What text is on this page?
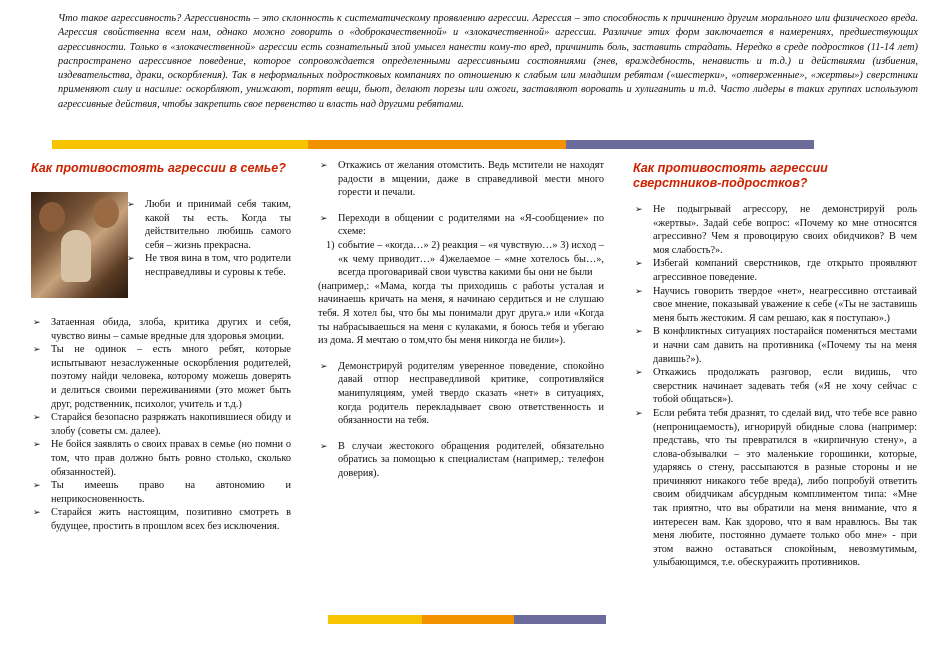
Что такое агрессивность? Агрессивность – это склонность к систематическому проявлению агрессии. Агрессия – это способность к причинению другим морального или физического вреда. Агрессия свойственна всем нам, однако можно говорить о «доброкачественной» и «злокачественной» агрессии. Различие этих форм заключается в намерениях, предшествующих агрессивности. Только в «злокачественной» агрессии есть сознательный злой умысел нанести кому-то вред, причинить боль, заставить страдать. Нередко в среде подростков (11-14 лет) распространено агрессивное поведение, которое сопровождается определенными агрессивными состояниями (гнев, враждебность, ненависть и т.д.) и действиями (избиения, издевательства, драки, оскорбления). Так в неформальных подростковых компаниях по отношению к слабым или младшим ребятам («шестерки», «отверженные», «жертвы») сверстники применяют силу и насилие: оскорбляют, унижают, портят вещи, бьют, делают порезы или ожоги, заставляют воровать и хулиганить и т.д. Часто лидеры в таких группах используют агрессивные действия, чтобы закрепить свое первенство и власть над другими ребятами.

Как противостоять агрессии в семье?
➢ Люби и принимай себя таким, какой ты есть. Когда ты действительно любишь самого себя – жизнь прекрасна.
➢ Не твоя вина в том, что родители несправедливы и суровы к тебе.
➢ Затаенная обида, злоба, критика других и себя, чувство вины – самые вредные для здоровья эмоции.
➢ Ты не одинок – есть много ребят, которые испытывают незаслуженные оскорбления родителей, поэтому найди человека, которому можешь доверять и делиться своими переживаниями (это может быть друг, родственник, психолог, учитель и т.д.)
➢ Старайся безопасно разряжать накопившиеся обиду и злобу (советы см. далее).
➢ Не бойся заявлять о своих правах в семье (но помни о том, что прав должно быть ровно столько, сколько обязанностей).
➢ Ты имеешь право на автономию и неприкосновенность.
➢ Старайся жить настоящим, позитивно смотреть в будущее, простить в прошлом всех без исключения.
➢ Откажись от желания отомстить. Ведь мстители не находят радости в мщении, даже в справедливой мести много горести и печали.
➢ Переходи в общении с родителями на «Я-сообщение» по схеме:
1) событие – «когда…» 2) реакция – «я чувствую…» 3) исход – «к чему приводит…» 4)желаемое – «мне хотелось бы…», всегда проговаривай свои чувства какими бы они не были

(например,: «Мама, когда ты приходишь с работы усталая и начинаешь кричать на меня, я начинаю сердиться и не слушаю тебя. Я хотел бы, что бы мы понимали друг друга.» или «Когда ты набрасываешься на меня с кулаками, я боюсь тебя и убегаю из дома. Я мечтаю о том,что бы меня никогда не били»).

➢ Демонстрируй родителям уверенное поведение, спокойно давай отпор несправедливой критике, сопротивляйся манипуляциям, умей твердо сказать «нет» в ситуациях, когда родитель перекладывает свою ответственность и обязанности на тебя.
➢ В случаи жестокого обращения родителей, обязательно обратись за помощью к специалистам (например,: телефон доверия).
Как противостоять агрессии сверстников-подростков?
➢ Не подыгрывай агрессору, не демонстрируй роль «жертвы». Задай себе вопрос: «Почему ко мне относятся агрессивно? Чем я провоцирую своих обидчиков? В чем моя слабость?».
➢ Избегай компаний сверстников, где открыто проявляют агрессивное поведение.
➢ Научись говорить твердое «нет», неагрессивно отстаивай свое мнение, показывай уважение к себе («Ты не заставишь меня быть жестоким. Я сам решаю, как я поступаю».)
➢ В конфликтных ситуациях постарайся поменяться местами и начни сам давить на противника («Почему ты на меня давишь?»).
➢ Откажись продолжать разговор, если видишь, что сверстник начинает задевать тебя («Я не хочу сейчас с тобой общаться»).
➢ Если ребята тебя дразнят, то сделай вид, что тебе все равно (непроницаемость), игнорируй обидные слова (например: представь, что ты превратился в «кирпичную стену», а слова-обзывалки – это маленькие горошинки, которые, ударяясь о стену, рассыпаются в разные стороны и не причиняют никакого тебе вреда), либо попробуй ответить своим обидчикам абсурдным комплиментом типа: «Мне так приятно, что вы обратили на меня внимание, что я интересен вам. Как здорово, что я вам нравлюсь. Вы так меня любите, постоянно думаете только обо мне» - при этом важно оставаться спокойным, невозмутимым, улыбающимся, т.е. обескуражить противников.
